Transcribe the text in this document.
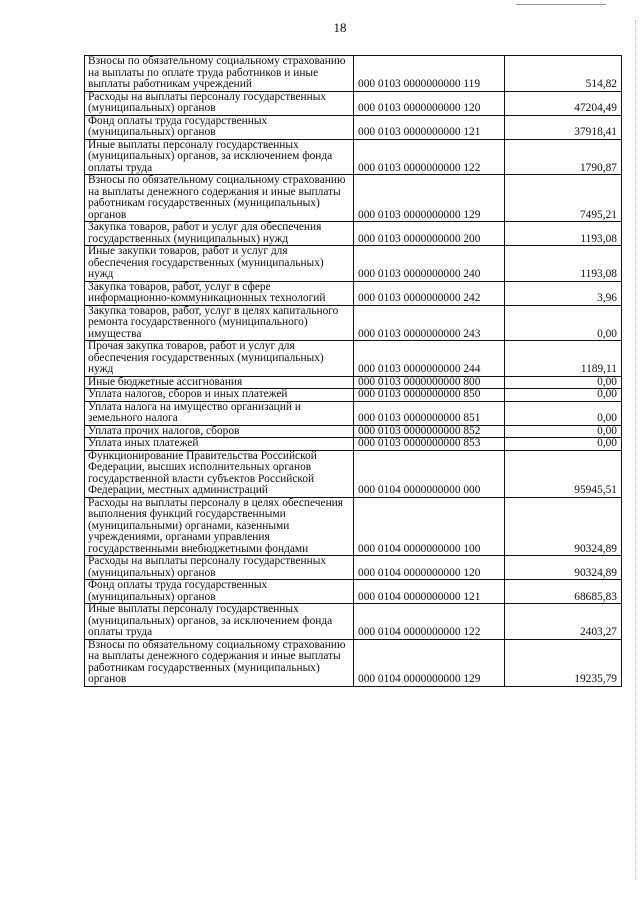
18
Взносы по обязательному социальному страхованию на выплаты по оплате труда работников и иные выплаты работникам учреждений	000 0103 0000000000 119	514,82
Расходы на выплаты персоналу государственных (муниципальных) органов	000 0103 0000000000 120	47204,49
Фонд оплаты труда государственных (муниципальных) органов	000 0103 0000000000 121	37918,41
Иные выплаты персоналу государственных (муниципальных) органов, за исключением фонда оплаты труда	000 0103 0000000000 122	1790,87
Взносы по обязательному социальному страхованию на выплаты денежного содержания и иные выплаты работникам государственных (муниципальных) органов	000 0103 0000000000 129	7495,21
Закупка товаров, работ и услуг для обеспечения государственных (муниципальных) нужд	000 0103 0000000000 200	1193,08
Иные закупки товаров, работ и услуг для обеспечения государственных (муниципальных) нужд	000 0103 0000000000 240	1193,08
Закупка товаров, работ, услуг в сфере информационно-коммуникационных технологий	000 0103 0000000000 242	3,96
Закупка товаров, работ, услуг в целях капитального ремонта государственного (муниципального) имущества	000 0103 0000000000 243	0,00
Прочая закупка товаров, работ и услуг для обеспечения государственных (муниципальных) нужд	000 0103 0000000000 244	1189,11
Иные бюджетные ассигнования	000 0103 0000000000 800	0,00
Уплата налогов, сборов и иных платежей	000 0103 0000000000 850	0,00
Уплата налога на имущество организаций и земельного налога	000 0103 0000000000 851	0,00
Уплата прочих налогов, сборов	000 0103 0000000000 852	0,00
Уплата иных платежей	000 0103 0000000000 853	0,00
Функционирование Правительства Российской Федерации, высших исполнительных органов государственной власти субъектов Российской Федерации, местных администраций	000 0104 0000000000 000	95945,51
Расходы на выплаты персоналу в целях обеспечения выполнения функций государственными (муниципальными) органами, казенными учреждениями, органами управления государственными внебюджетными фондами	000 0104 0000000000 100	90324,89
Расходы на выплаты персоналу государственных (муниципальных) органов	000 0104 0000000000 120	90324,89
Фонд оплаты труда государственных (муниципальных) органов	000 0104 0000000000 121	68685,83
Иные выплаты персоналу государственных (муниципальных) органов, за исключением фонда оплаты труда	000 0104 0000000000 122	2403,27
Взносы по обязательному социальному страхованию на выплаты денежного содержания и иные выплаты работникам государственных (муниципальных) органов	000 0104 0000000000 129	19235,79
